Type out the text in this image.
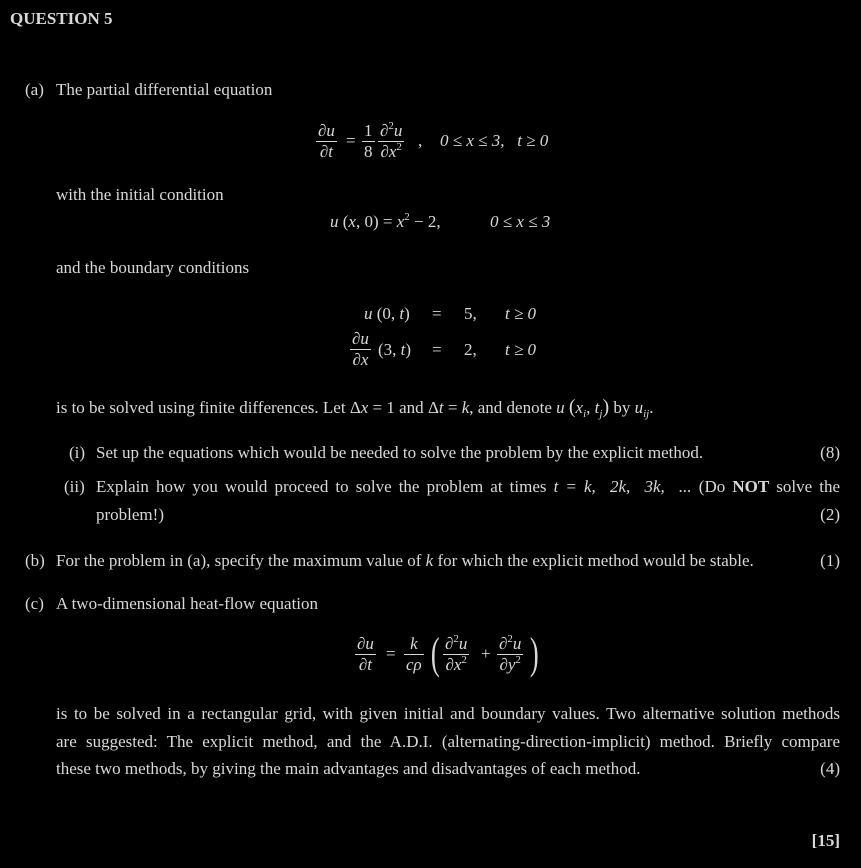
QUESTION 5
(a) The partial differential equation
$\frac{\partial u}{\partial t} = \frac{1}{8} \frac{\partial^2u}{\partial x^2}$ , 0 ≤ x ≤ 3,   t ≥ 0
with the initial condition
u (x, $0) = x^2 - 2$,	0 ≤ x ≤ 3
and the boundary conditions
u (0, t) = 5, t ≥ 0
$\frac{\partial u}{\partial x} (3$, t) = 2, t ≥ 0
is to be solved using finite differences. Let Δx = 1 and Δt = k, and denote u ($x_i$, $t_j$) by $u_{ij}$.
(i) Set up the equations which would be needed to solve the problem by the explicit method.	(8)
(ii) Explain how you would proceed to solve the problem at times t = k,  2k,  3k,  ... (Do NOT solve the
problem!)	(2)
(b) For the problem in (a), specify the maximum value of k for which the explicit method would be stable.	(1)
(c) A two-dimensional heat-flow equation
$\frac{\partial u}{\partial t} = \frac{k}{c\rho}$ ( $\frac{\partial^2u}{\partial x^2} + \frac{\partial^2u}{\partial y^2}$ )
is to be solved in a rectangular grid, with given initial and boundary values. Two alternative solution methods
are suggested: The explicit method, and the A.D.I. (alternating-direction-implicit) method. Briefly compare
these two methods, by giving the main advantages and disadvantages of each method.	(4)
[15]
